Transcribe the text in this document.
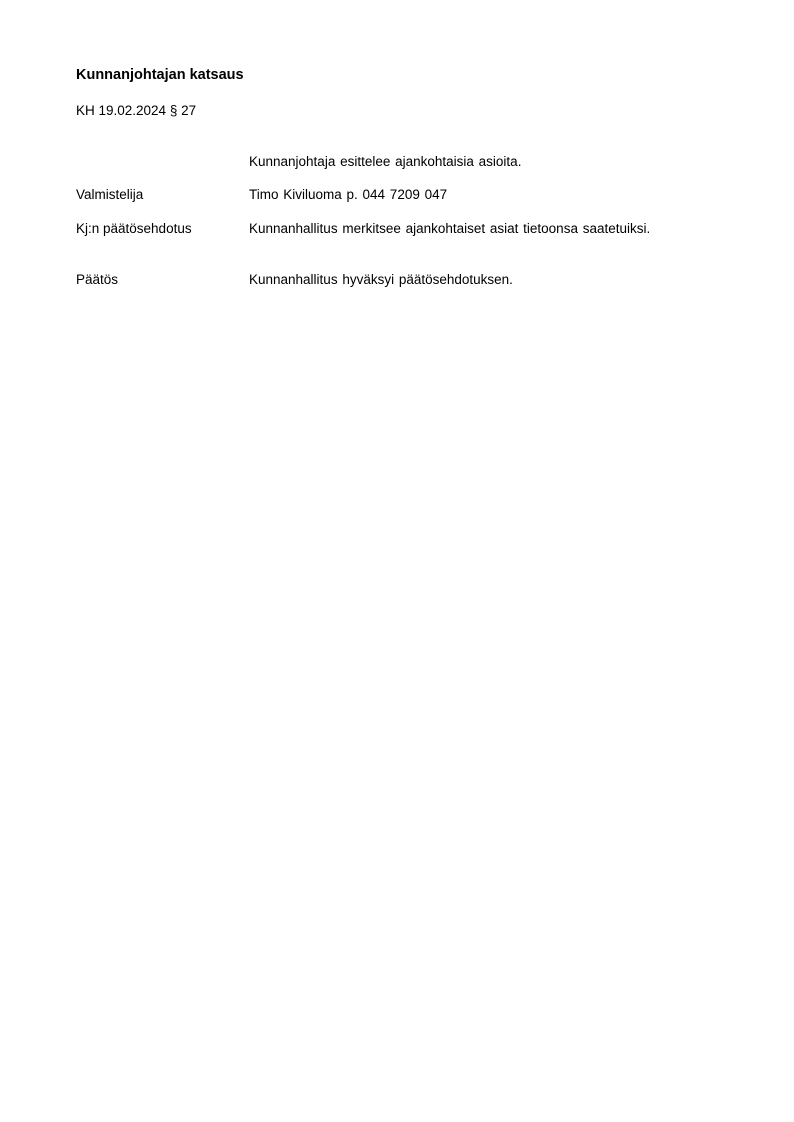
Kunnanjohtajan katsaus
KH 19.02.2024 § 27
Kunnanjohtaja esittelee ajankohtaisia asioita.
Valmistelija	Timo Kiviluoma p. 044 7209 047
Kj:n päätösehdotus	Kunnanhallitus merkitsee ajankohtaiset asiat tietoonsa saatetuiksi.
Päätös	Kunnanhallitus hyväksyi päätösehdotuksen.
